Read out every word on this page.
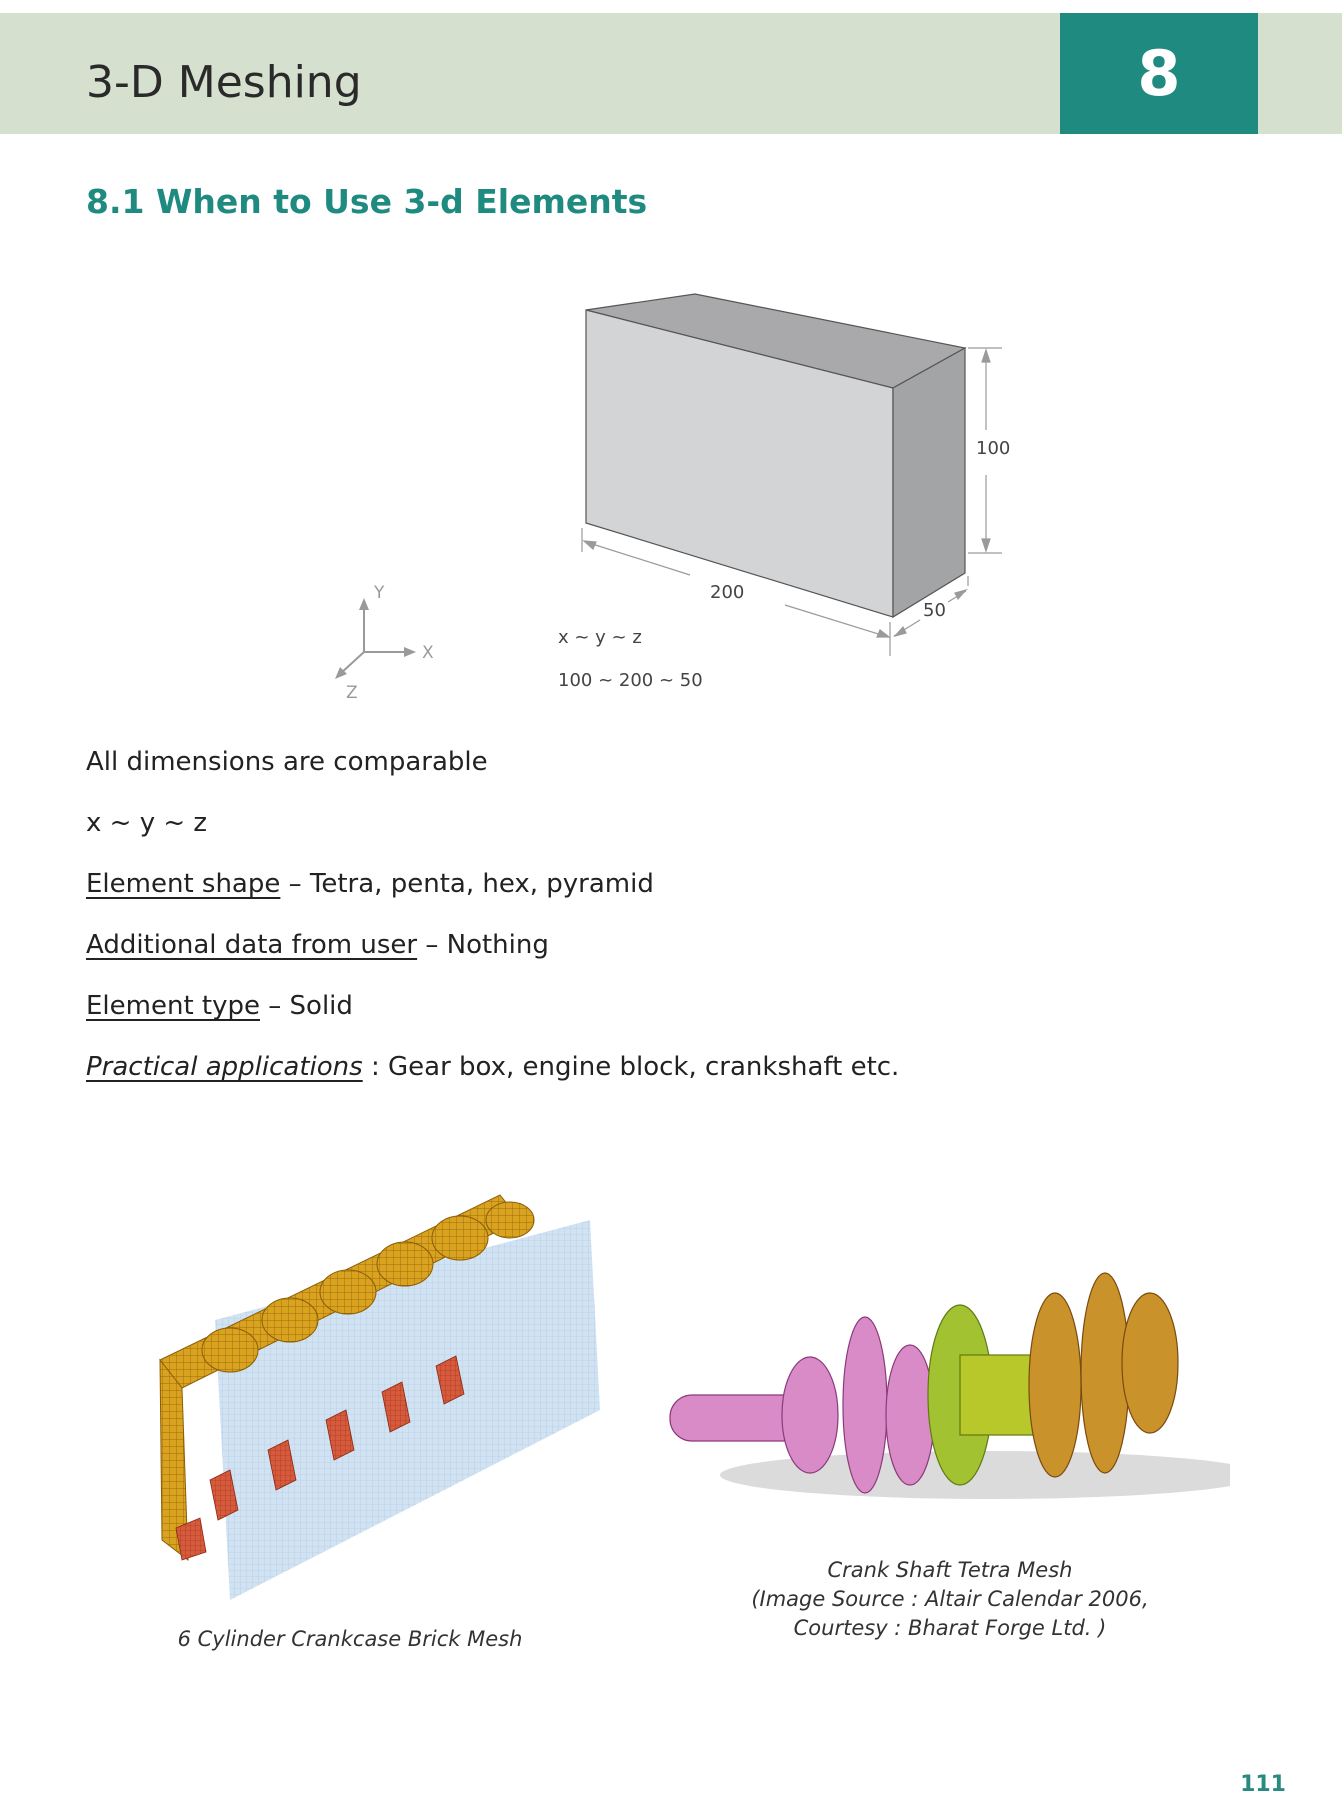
3-D Meshing	8
8.1 When to Use 3-d Elements
100
200
50
x ~ y ~ z
100 ~ 200 ~ 50
Y
X
Z
All dimensions are comparable
x ~ y ~ z
Element shape – Tetra, penta, hex, pyramid
Additional data from user – Nothing
Element type – Solid
Practical applications : Gear box, engine block, crankshaft etc.
6 Cylinder Crankcase Brick Mesh
Crank Shaft Tetra Mesh
(Image Source : Altair Calendar 2006,
Courtesy : Bharat Forge Ltd. )
111
